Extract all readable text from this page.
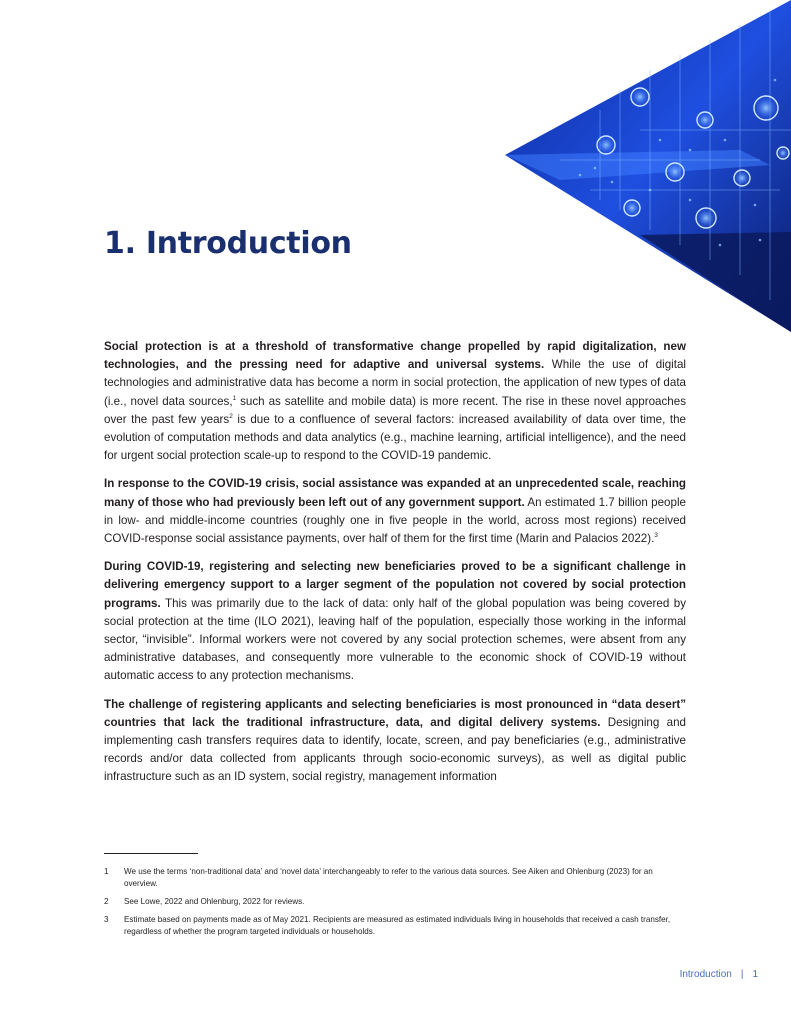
1. Introduction

Social protection is at a threshold of transformative change propelled by rapid digitalization, new technologies, and the pressing need for adaptive and universal systems. While the use of digital technologies and administrative data has become a norm in social protection, the application of new types of data (i.e., novel data sources,$^1$ such as satellite and mobile data) is more recent. The rise in these novel approaches over the past few years$^2$ is due to a confluence of several factors: increased availability of data over time, the evolution of computation methods and data analytics (e.g., machine learning, artificial intelligence), and the need for urgent social protection scale-up to respond to the COVID-19 pandemic.

In response to the COVID-19 crisis, social assistance was expanded at an unprecedented scale, reaching many of those who had previously been left out of any government support. An estimated 1.7 billion people in low- and middle-income countries (roughly one in five people in the world, across most regions) received COVID-response social assistance payments, over half of them for the first time (Marin and Palacios 2022).$^3$

During COVID-19, registering and selecting new beneficiaries proved to be a significant challenge in delivering emergency support to a larger segment of the population not covered by social protection programs. This was primarily due to the lack of data: only half of the global population was being covered by social protection at the time (ILO 2021), leaving half of the population, especially those working in the informal sector, “invisible”. Informal workers were not covered by any social protection schemes, were absent from any administrative databases, and consequently more vulnerable to the economic shock of COVID-19 without automatic access to any protection mechanisms.

The challenge of registering applicants and selecting beneficiaries is most pronounced in “data desert” countries that lack the traditional infrastructure, data, and digital delivery systems. Designing and implementing cash transfers requires data to identify, locate, screen, and pay beneficiaries (e.g., administrative records and/or data collected from applicants through socio-economic surveys), as well as digital public infrastructure such as an ID system, social registry, management information

1	We use the terms ‘non-traditional data’ and ‘novel data’ interchangeably to refer to the various data sources. See Aiken and Ohlenburg (2023) for an overview.
2	See Lowe, 2022 and Ohlenburg, 2022 for reviews.
3	Estimate based on payments made as of May 2021. Recipients are measured as estimated individuals living in households that received a cash transfer, regardless of whether the program targeted individuals or households.
Introduction | 1
